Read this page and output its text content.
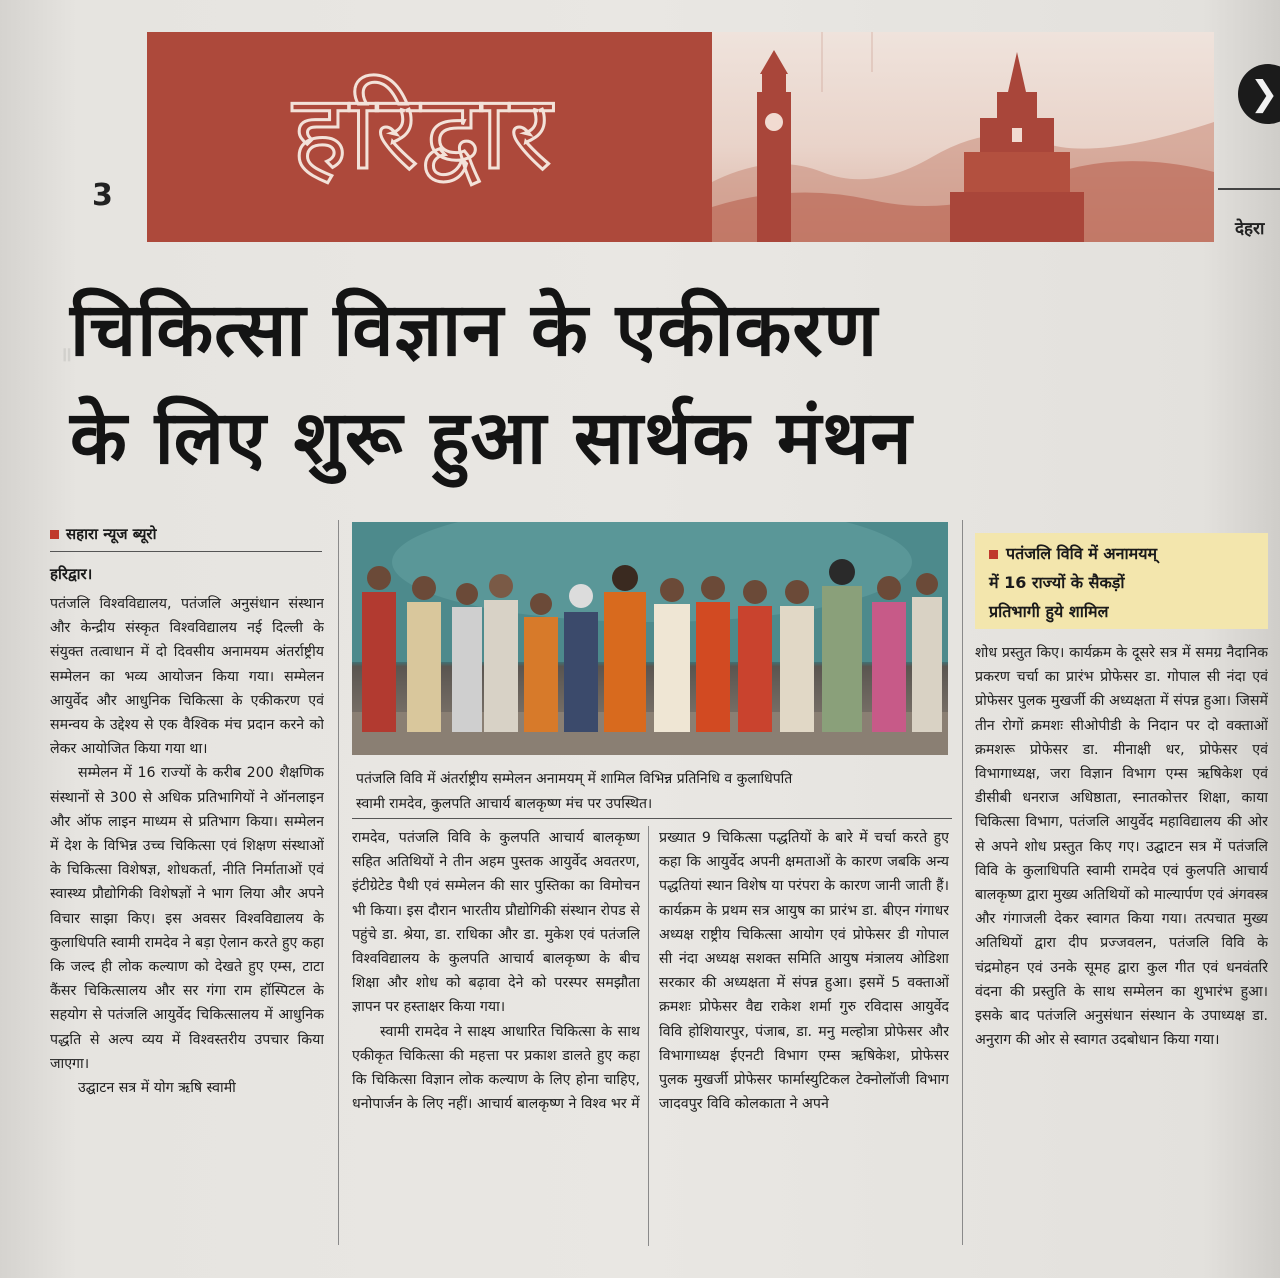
॥
हरिद्वार
3
❯
देहरा
चिकित्सा विज्ञान के एकीकरण
के लिए शुरू हुआ सार्थक मंथन
सहारा न्यूज ब्यूरो
हरिद्वार।

पतंजलि विश्वविद्यालय, पतंजलि अनुसंधान संस्थान और केन्द्रीय संस्कृत विश्वविद्यालय नई दिल्ली के संयुक्त तत्वाधान में दो दिवसीय अनामयम अंतर्राष्ट्रीय सम्मेलन का भव्य आयोजन किया गया। सम्मेलन आयुर्वेद और आधुनिक चिकित्सा के एकीकरण एवं समन्वय के उद्देश्य से एक वैश्विक मंच प्रदान करने को लेकर आयोजित किया गया था।

सम्मेलन में 16 राज्यों के करीब 200 शैक्षणिक संस्थानों से 300 से अधिक प्रतिभागियों ने ऑनलाइन और ऑफ लाइन माध्यम से प्रतिभाग किया। सम्मेलन में देश के विभिन्न उच्च चिकित्सा एवं शिक्षण संस्थाओं के चिकित्सा विशेषज्ञ, शोधकर्ता, नीति निर्माताओं एवं स्वास्थ्य प्रौद्योगिकी विशेषज्ञों ने भाग लिया और अपने विचार साझा किए। इस अवसर विश्वविद्यालय के कुलाधिपति स्वामी रामदेव ने बड़ा ऐलान करते हुए कहा कि जल्द ही लोक कल्याण को देखते हुए एम्स, टाटा कैंसर चिकित्सालय और सर गंगा राम हॉस्पिटल के सहयोग से पतंजलि आयुर्वेद चिकित्सालय में आधुनिक पद्धति से अल्प व्यय में विश्वस्तरीय उपचार किया जाएगा।

उद्घाटन सत्र में योग ऋषि स्वामी

पतंजलि विवि में अंतर्राष्ट्रीय सम्मेलन अनामयम् में शामिल विभिन्न प्रतिनिधि व कुलाधिपति
स्वामी रामदेव, कुलपति आचार्य बालकृष्ण मंच पर उपस्थित।

रामदेव, पतंजलि विवि के कुलपति आचार्य बालकृष्ण सहित अतिथियों ने तीन अहम पुस्तक आयुर्वेद अवतरण, इंटीग्रेटेड पैथी एवं सम्मेलन की सार पुस्तिका का विमोचन भी किया। इस दौरान भारतीय प्रौद्योगिकी संस्थान रोपड से पहुंचे डा. श्रेया, डा. राधिका और डा. मुकेश एवं पतंजलि विश्वविद्यालय के कुलपति आचार्य बालकृष्ण के बीच शिक्षा और शोध को बढ़ावा देने को परस्पर समझौता ज्ञापन पर हस्ताक्षर किया गया।

स्वामी रामदेव ने साक्ष्य आधारित चिकित्सा के साथ एकीकृत चिकित्सा की महत्ता पर प्रकाश डालते हुए कहा कि चिकित्सा विज्ञान लोक कल्याण के लिए होना चाहिए, धनोपार्जन के लिए नहीं। आचार्य बालकृष्ण ने विश्व भर में

प्रख्यात 9 चिकित्सा पद्धतियों के बारे में चर्चा करते हुए कहा कि आयुर्वेद अपनी क्षमताओं के कारण जबकि अन्य पद्धतियां स्थान विशेष या परंपरा के कारण जानी जाती हैं। कार्यक्रम के प्रथम सत्र आयुष का प्रारंभ डा. बीएन गंगाधर अध्यक्ष राष्ट्रीय चिकित्सा आयोग एवं प्रोफेसर डी गोपाल सी नंदा अध्यक्ष सशक्त समिति आयुष मंत्रालय ओडिशा सरकार की अध्यक्षता में संपन्न हुआ। इसमें 5 वक्ताओं क्रमशः प्रोफेसर वैद्य राकेश शर्मा गुरु रविदास आयुर्वेद विवि होशियारपुर, पंजाब, डा. मनु मल्होत्रा प्रोफेसर और विभागाध्यक्ष ईएनटी विभाग एम्स ऋषिकेश, प्रोफेसर पुलक मुखर्जी प्रोफेसर फार्मास्युटिकल टेक्नोलॉजी विभाग जादवपुर विवि कोलकाता ने अपने

पतंजलि विवि में अनामयम्
में 16 राज्यों के सैकड़ों
प्रतिभागी हुये शामिल

शोध प्रस्तुत किए। कार्यक्रम के दूसरे सत्र में समग्र नैदानिक प्रकरण चर्चा का प्रारंभ प्रोफेसर डा. गोपाल सी नंदा एवं प्रोफेसर पुलक मुखर्जी की अध्यक्षता में संपन्न हुआ। जिसमें तीन रोगों क्रमशः सीओपीडी के निदान पर दो वक्ताओं क्रमशरू प्रोफेसर डा. मीनाक्षी धर, प्रोफेसर एवं विभागाध्यक्ष, जरा विज्ञान विभाग एम्स ऋषिकेश एवं डीसीबी धनराज अधिष्ठाता, स्नातकोत्तर शिक्षा, काया चिकित्सा विभाग, पतंजलि आयुर्वेद महाविद्यालय की ओर से अपने शोध प्रस्तुत किए गए। उद्घाटन सत्र में पतंजलि विवि के कुलाधिपति स्वामी रामदेव एवं कुलपति आचार्य बालकृष्ण द्वारा मुख्य अतिथियों को माल्यार्पण एवं अंगवस्त्र और गंगाजली देकर स्वागत किया गया। तत्पचात मुख्य अतिथियों द्वारा दीप प्रज्जवलन, पतंजलि विवि के चंद्रमोहन एवं उनके सूमह द्वारा कुल गीत एवं धनवंतरि वंदना की प्रस्तुति के साथ सम्मेलन का शुभारंभ हुआ। इसके बाद पतंजलि अनुसंधान संस्थान के उपाध्यक्ष डा. अनुराग की ओर से स्वागत उदबोधान किया गया।
